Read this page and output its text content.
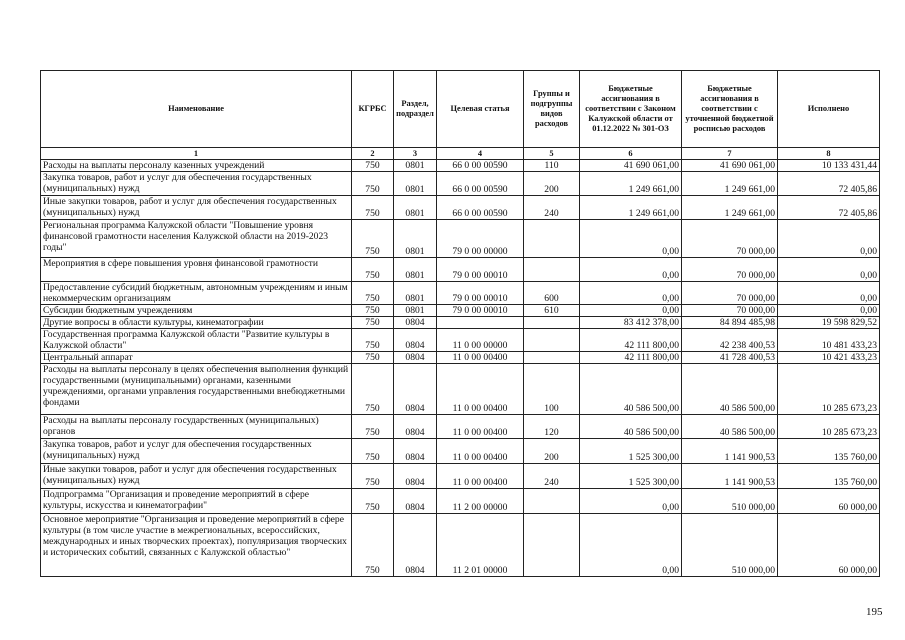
Наименование	КГРБС	Раздел, подраздел	Целевая статья	Группы и подгруппы видов расходов	Бюджетные ассигнования в соответствии с Законом Калужской области от 01.12.2022 № 301-ОЗ	Бюджетные ассигнования в соответствии с уточненной бюджетной росписью расходов	Исполнено
1	2	3	4	5	6	7	8
Расходы на выплаты персоналу казенных учреждений	750	0801	66 0 00 00590	110	41 690 061,00	41 690 061,00	10 133 431,44
Закупка товаров, работ и услуг для обеспечения государственных (муниципальных) нужд	750	0801	66 0 00 00590	200	1 249 661,00	1 249 661,00	72 405,86
Иные закупки товаров, работ и услуг для обеспечения государственных (муниципальных) нужд	750	0801	66 0 00 00590	240	1 249 661,00	1 249 661,00	72 405,86
Региональная программа Калужской области "Повышение уровня финансовой грамотности населения Калужской области на 2019-2023 годы"	750	0801	79 0 00 00000		0,00	70 000,00	0,00
Мероприятия в сфере повышения уровня финансовой грамотности	750	0801	79 0 00 00010		0,00	70 000,00	0,00
Предоставление субсидий бюджетным, автономным учреждениям и иным некоммерческим организациям	750	0801	79 0 00 00010	600	0,00	70 000,00	0,00
Субсидии бюджетным учреждениям	750	0801	79 0 00 00010	610	0,00	70 000,00	0,00
Другие вопросы в области культуры, кинематографии	750	0804			83 412 378,00	84 894 485,98	19 598 829,52
Государственная программа Калужской области "Развитие культуры в Калужской области"	750	0804	11 0 00 00000		42 111 800,00	42 238 400,53	10 481 433,23
Центральный аппарат	750	0804	11 0 00 00400		42 111 800,00	41 728 400,53	10 421 433,23
Расходы на выплаты персоналу в целях обеспечения выполнения функций государственными (муниципальными) органами, казенными учреждениями, органами управления государственными внебюджетными фондами	750	0804	11 0 00 00400	100	40 586 500,00	40 586 500,00	10 285 673,23
Расходы на выплаты персоналу государственных (муниципальных) органов	750	0804	11 0 00 00400	120	40 586 500,00	40 586 500,00	10 285 673,23
Закупка товаров, работ и услуг для обеспечения государственных (муниципальных) нужд	750	0804	11 0 00 00400	200	1 525 300,00	1 141 900,53	135 760,00
Иные закупки товаров, работ и услуг для обеспечения государственных (муниципальных) нужд	750	0804	11 0 00 00400	240	1 525 300,00	1 141 900,53	135 760,00
Подпрограмма "Организация и проведение мероприятий в сфере культуры, искусства и кинематографии"	750	0804	11 2 00 00000		0,00	510 000,00	60 000,00
Основное мероприятие "Организация и проведение мероприятий в сфере культуры (в том числе участие в межрегиональных, всероссийских, международных и иных творческих проектах), популяризация творческих и исторических событий, связанных с Калужской областью"	750	0804	11 2 01 00000		0,00	510 000,00	60 000,00
195
